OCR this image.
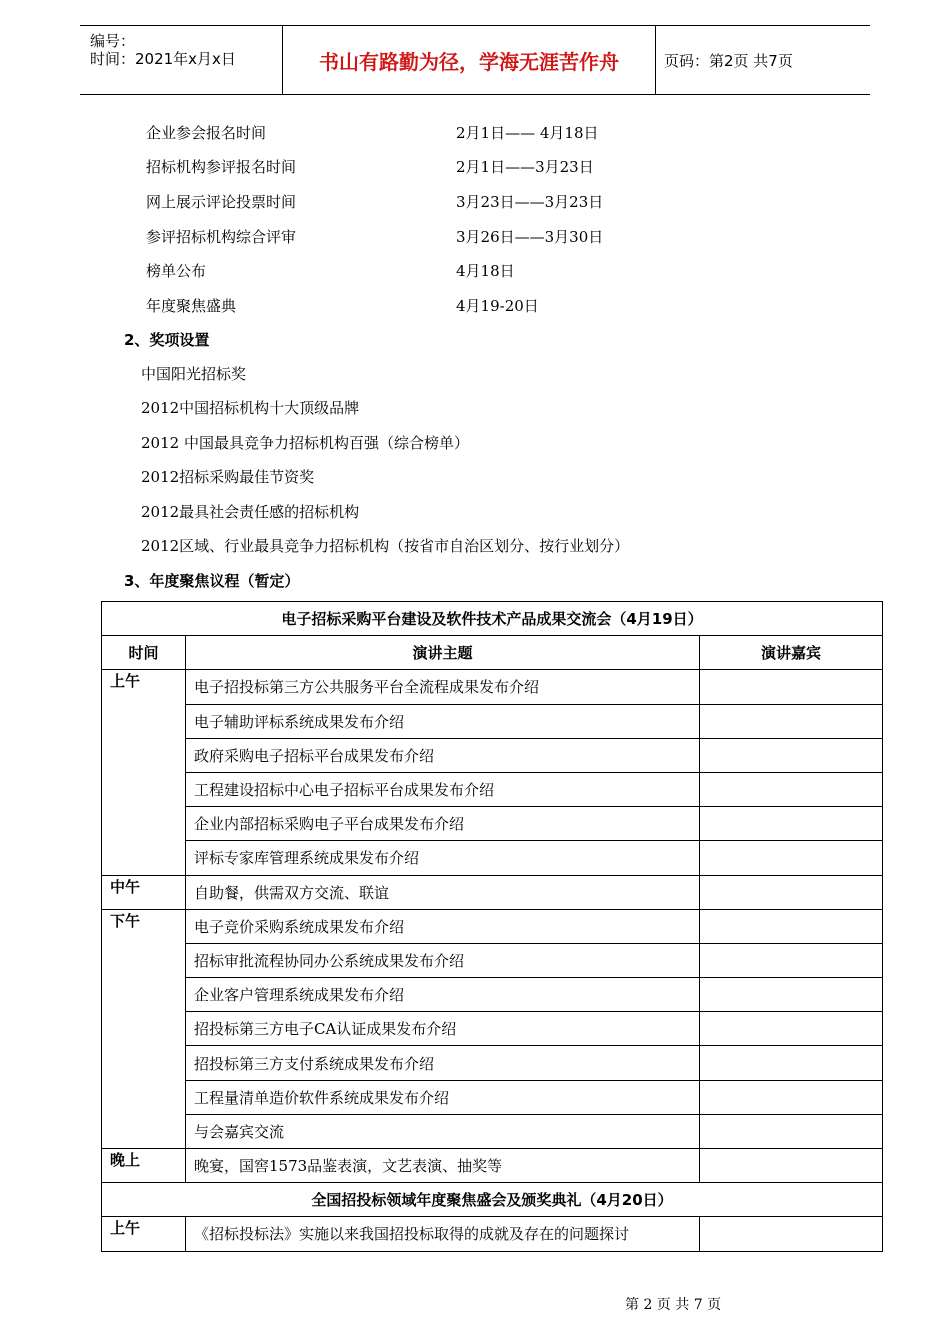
编号：
时间：2021年x月x日	书山有路勤为径，学海无涯苦作舟	页码：第2页 共7页
企业参会报名时间	2月1日—— 4月18日
招标机构参评报名时间	2月1日——3月23日
网上展示评论投票时间	3月23日——3月23日
参评招标机构综合评审	3月26日——3月30日
榜单公布	4月18日
年度聚焦盛典	4月19-20日
2、奖项设置
中国阳光招标奖
2012中国招标机构十大顶级品牌
2012 中国最具竞争力招标机构百强（综合榜单）
2012招标采购最佳节资奖
2012最具社会责任感的招标机构
2012区域、行业最具竞争力招标机构（按省市自治区划分、按行业划分）
3、年度聚焦议程（暂定）
电子招标采购平台建设及软件技术产品成果交流会（4月19日）		
时间	演讲主题	演讲嘉宾
上午	电子招投标第三方公共服务平台全流程成果发布介绍	
	电子辅助评标系统成果发布介绍	
	政府采购电子招标平台成果发布介绍	
	工程建设招标中心电子招标平台成果发布介绍	
	企业内部招标采购电子平台成果发布介绍	
	评标专家库管理系统成果发布介绍	
中午	自助餐，供需双方交流、联谊	
下午	电子竞价采购系统成果发布介绍	
	招标审批流程协同办公系统成果发布介绍	
	企业客户管理系统成果发布介绍	
	招投标第三方电子CA认证成果发布介绍	
	招投标第三方支付系统成果发布介绍	
	工程量清单造价软件系统成果发布介绍	
	与会嘉宾交流	
晚上	晚宴，国窖1573品鉴表演，文艺表演、抽奖等	
全国招投标领域年度聚焦盛会及颁奖典礼（4月20日）		
上午	《招标投标法》实施以来我国招投标取得的成就及存在的问题探讨	
第 2 页 共 7 页
